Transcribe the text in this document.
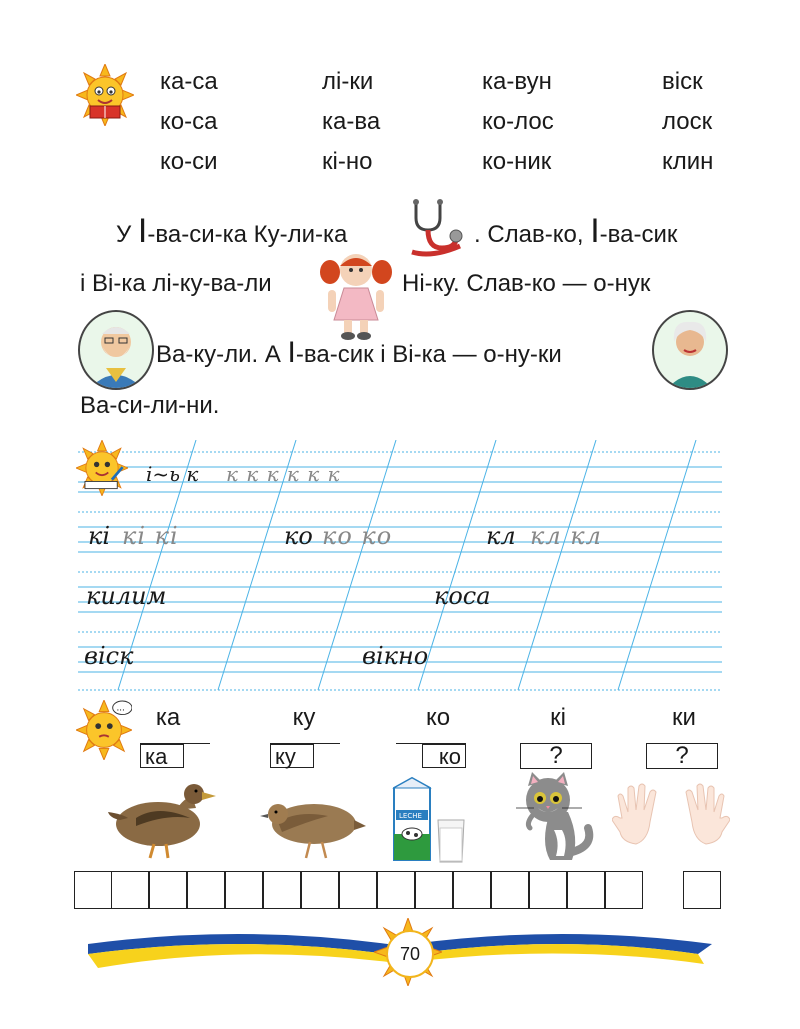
ка-са	лі-ки	ка-вун	віск
ко-са	ка-ва	ко-лос	лоск
ко-си	кі-но	ко-ник	клин
У І-ва-си-ка Ку-ли-ка	. Слав-ко, І-ва-сик
і Ві-ка лі-ку-ва-ли	Ні-ку. Слав-ко — о-нук
Ва-ку-ли. А І-ва-сик і Ві-ка — о-ну-ки
Ва-си-ли-ни.
і~ь к к к к к к к
кі кі кі	ко ко ко	кл кл кл
килим	коса
віск	вікно
...	ка	ку	ко	кі	ки
ка	ку	ко	?	?
LECHE
70
